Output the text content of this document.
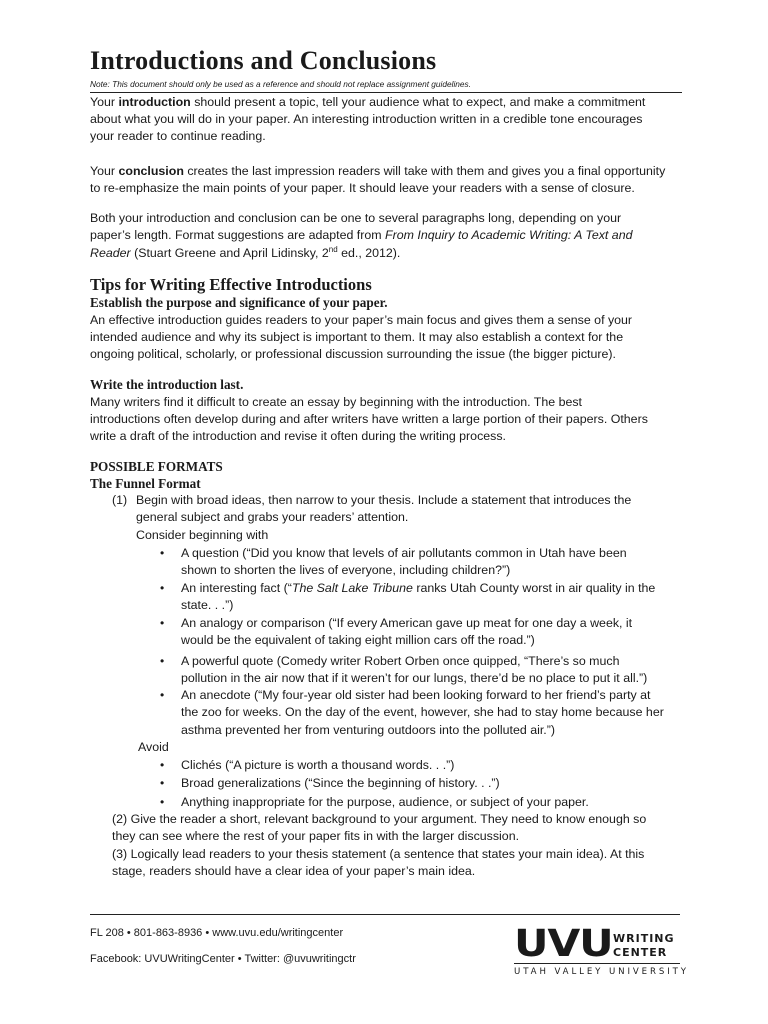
Introductions and Conclusions
Note: This document should only be used as a reference and should not replace assignment guidelines.
Your introduction should present a topic, tell your audience what to expect, and make a commitment
about what you will do in your paper. An interesting introduction written in a credible tone encourages
your reader to continue reading.
Your conclusion creates the last impression readers will take with them and gives you a final opportunity
to re-emphasize the main points of your paper. It should leave your readers with a sense of closure.
Both your introduction and conclusion can be one to several paragraphs long, depending on your
paper’s length. Format suggestions are adapted from From Inquiry to Academic Writing: A Text and
Reader (Stuart Greene and April Lidinsky, 2nd ed., 2012).
Tips for Writing Effective Introductions
Establish the purpose and significance of your paper.
An effective introduction guides readers to your paper’s main focus and gives them a sense of your
intended audience and why its subject is important to them. It may also establish a context for the
ongoing political, scholarly, or professional discussion surrounding the issue (the bigger picture).
Write the introduction last.
Many writers find it difficult to create an essay by beginning with the introduction. The best
introductions often develop during and after writers have written a large portion of their papers. Others
write a draft of the introduction and revise it often during the writing process.
POSSIBLE FORMATS
The Funnel Format
(1) Begin with broad ideas, then narrow to your thesis. Include a statement that introduces the
general subject and grabs your readers’ attention.
Consider beginning with
• A question (“Did you know that levels of air pollutants common in Utah have been
shown to shorten the lives of everyone, including children?”)
• An interesting fact (“The Salt Lake Tribune ranks Utah County worst in air quality in the
state. . .”)
• An analogy or comparison (“If every American gave up meat for one day a week, it
would be the equivalent of taking eight million cars off the road.”)
• A powerful quote (Comedy writer Robert Orben once quipped, “There’s so much
pollution in the air now that if it weren’t for our lungs, there’d be no place to put it all.”)
• An anecdote (“My four-year old sister had been looking forward to her friend’s party at
the zoo for weeks. On the day of the event, however, she had to stay home because her
asthma prevented her from venturing outdoors into the polluted air.”)
Avoid
• Clichés (“A picture is worth a thousand words. . .”)
• Broad generalizations (“Since the beginning of history. . .”)
• Anything inappropriate for the purpose, audience, or subject of your paper.
(2) Give the reader a short, relevant background to your argument. They need to know enough so
they can see where the rest of your paper fits in with the larger discussion.
(3) Logically lead readers to your thesis statement (a sentence that states your main idea). At this
stage, readers should have a clear idea of your paper’s main idea.
FL 208 • 801-863-8936 • www.uvu.edu/writingcenter
Facebook: UVUWritingCenter • Twitter: @uvuwritingctr	UVU WRITING
CENTER
UTAH VALLEY UNIVERSITY
